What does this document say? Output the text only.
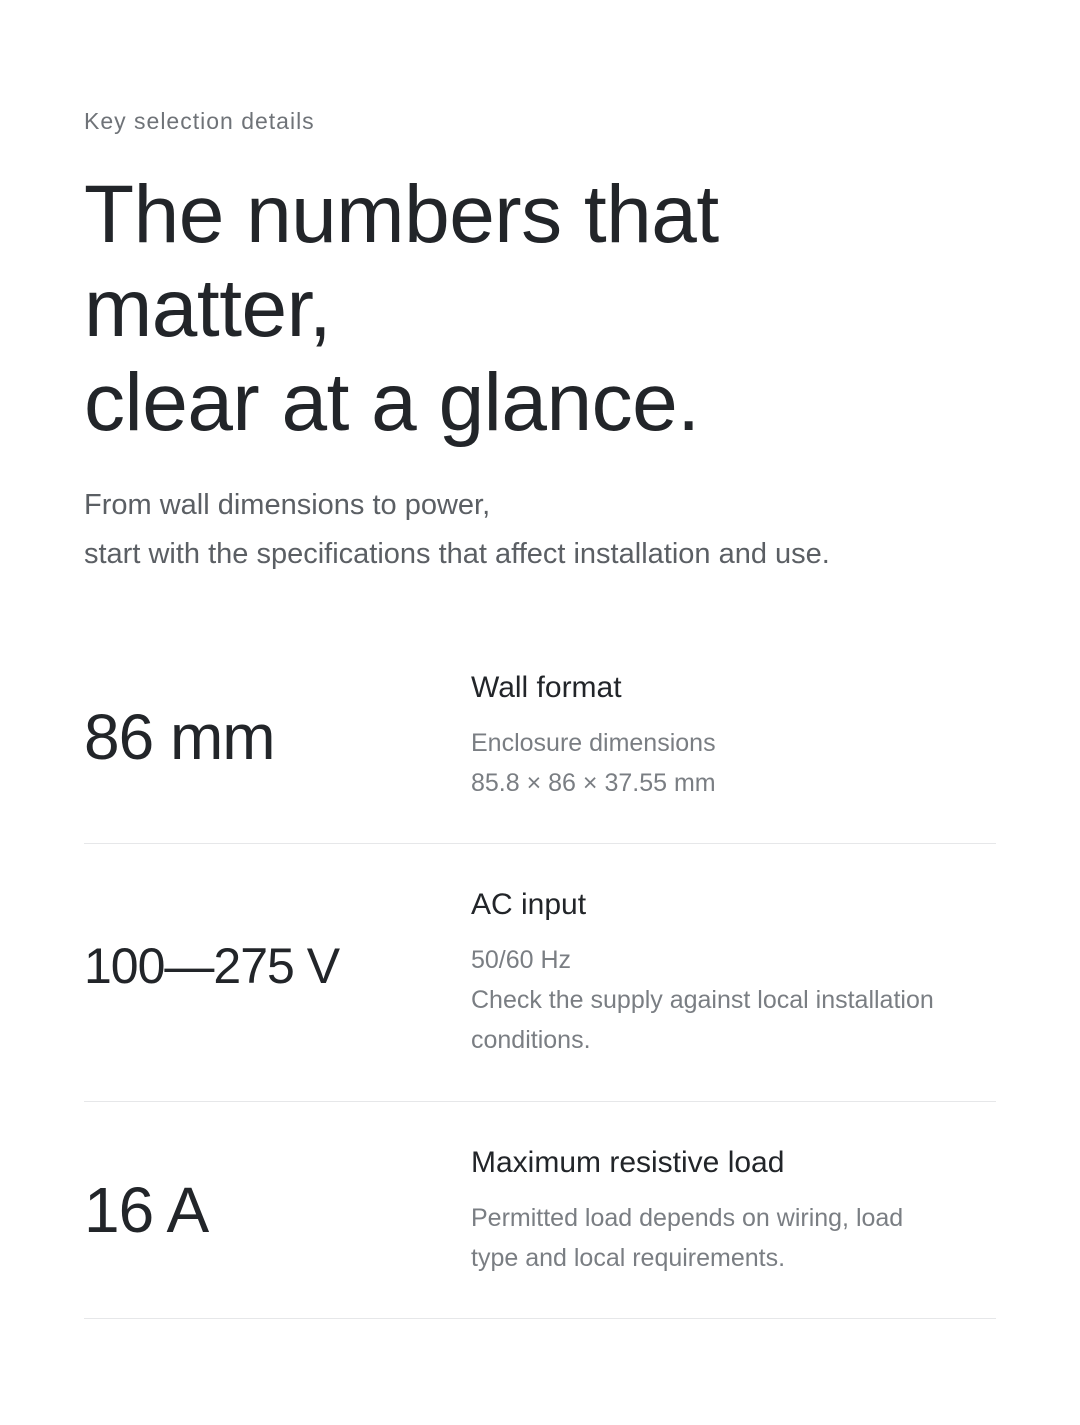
Key selection details
The numbers that
matter,
clear at a glance.
From wall dimensions to power,
start with the specifications that affect installation and use.
86 mm
Wall format
Enclosure dimensions
85.8 × 86 × 37.55 mm
100—275 V
AC input
50/60 Hz
Check the supply against local installation
conditions.
16 A
Maximum resistive load
Permitted load depends on wiring, load
type and local requirements.
